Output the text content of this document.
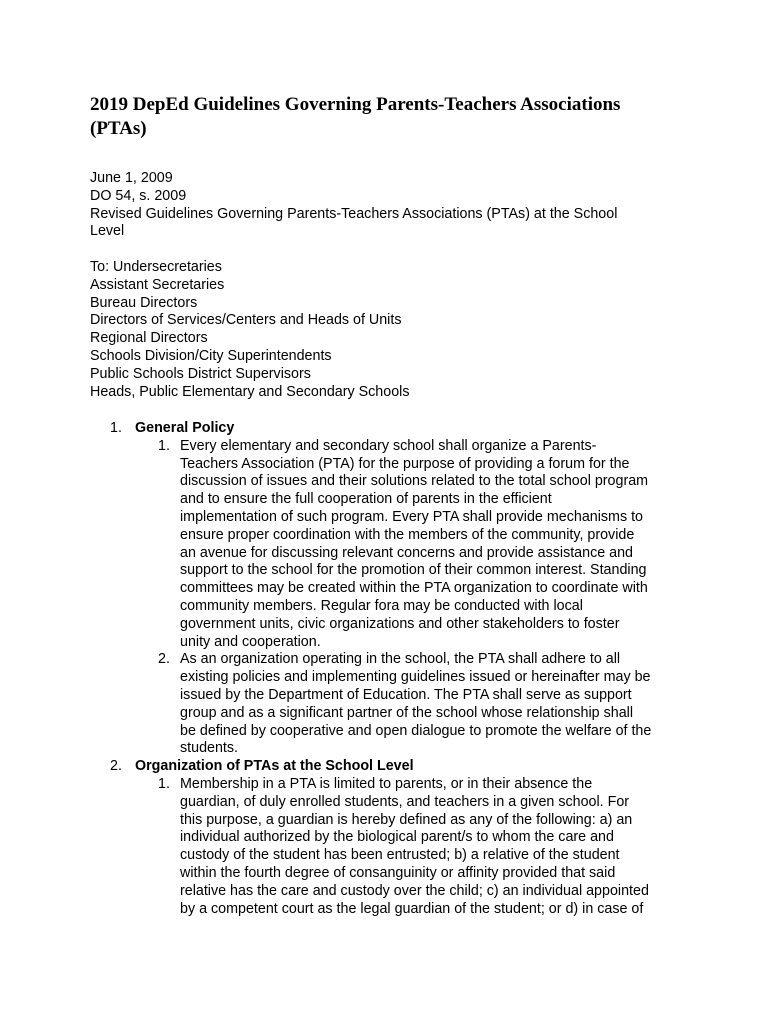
2019 DepEd Guidelines Governing Parents-Teachers Associations
(PTAs)
June 1, 2009
DO 54, s. 2009
Revised Guidelines Governing Parents-Teachers Associations (PTAs) at the School
Level
To: Undersecretaries
Assistant Secretaries
Bureau Directors
Directors of Services/Centers and Heads of Units
Regional Directors
Schools Division/City Superintendents
Public Schools District Supervisors
Heads, Public Elementary and Secondary Schools
1. General Policy
1. Every elementary and secondary school shall organize a Parents-
Teachers Association (PTA) for the purpose of providing a forum for the
discussion of issues and their solutions related to the total school program
and to ensure the full cooperation of parents in the efficient
implementation of such program. Every PTA shall provide mechanisms to
ensure proper coordination with the members of the community, provide
an avenue for discussing relevant concerns and provide assistance and
support to the school for the promotion of their common interest. Standing
committees may be created within the PTA organization to coordinate with
community members. Regular fora may be conducted with local
government units, civic organizations and other stakeholders to foster
unity and cooperation.
2. As an organization operating in the school, the PTA shall adhere to all
existing policies and implementing guidelines issued or hereinafter may be
issued by the Department of Education. The PTA shall serve as support
group and as a significant partner of the school whose relationship shall
be defined by cooperative and open dialogue to promote the welfare of the
students.
2. Organization of PTAs at the School Level
1. Membership in a PTA is limited to parents, or in their absence the
guardian, of duly enrolled students, and teachers in a given school. For
this purpose, a guardian is hereby defined as any of the following: a) an
individual authorized by the biological parent/s to whom the care and
custody of the student has been entrusted; b) a relative of the student
within the fourth degree of consanguinity or affinity provided that said
relative has the care and custody over the child; c) an individual appointed
by a competent court as the legal guardian of the student; or d) in case of
